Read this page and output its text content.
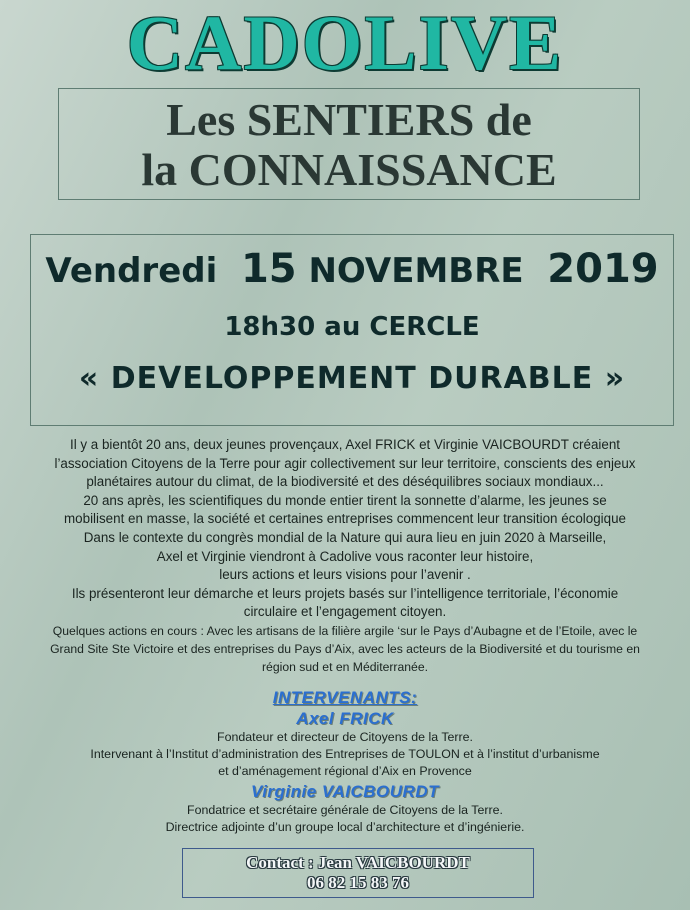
CADOLIVE
Les SENTIERS de
la CONNAISSANCE
Vendredi 15 NOVEMBRE 2019
18h30 au CERCLE
« DEVELOPPEMENT DURABLE »

Il y a bientôt 20 ans, deux jeunes provençaux, Axel FRICK et Virginie VAICBOURDT créaient

l’association Citoyens de la Terre pour agir collectivement sur leur territoire, conscients des enjeux

planétaires autour du climat, de la biodiversité et des déséquilibres sociaux mondiaux...

20 ans après, les scientifiques du monde entier tirent la sonnette d’alarme, les jeunes se

mobilisent en masse, la société et certaines entreprises commencent leur transition écologique

Dans le contexte du congrès mondial de la Nature qui aura lieu en juin 2020 à Marseille,

Axel et Virginie viendront à Cadolive vous raconter leur histoire,

leurs actions et leurs visions pour l’avenir .

Ils présenteront leur démarche et leurs projets basés sur l’intelligence territoriale, l’économie

circulaire et l’engagement citoyen.

Quelques actions en cours : Avec les artisans de la filière argile ‘sur le Pays d’Aubagne et de l’Etoile, avec le

Grand Site Ste Victoire et des entreprises du Pays d’Aix, avec les acteurs de la Biodiversité et du tourisme en

région sud et en Méditerranée.

INTERVENANTS:
Axel FRICK
Fondateur et directeur de Citoyens de la Terre.
Intervenant à l’Institut d’administration des Entreprises de TOULON et à l’institut d’urbanisme
et d’aménagement régional d’Aix en Provence
Virginie VAICBOURDT
Fondatrice et secrétaire générale de Citoyens de la Terre.
Directrice adjointe d’un groupe local d’architecture et d’ingénierie.
Contact : Jean VAICBOURDT
06 82 15 83 76
